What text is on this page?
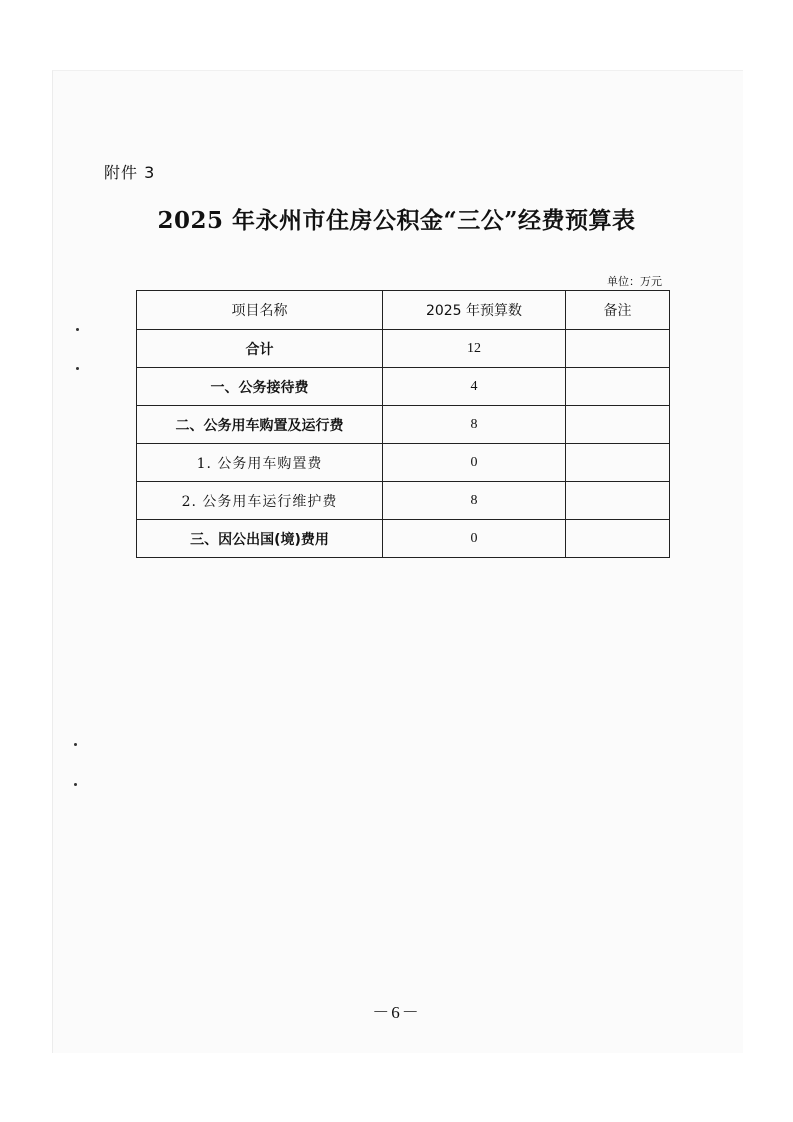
附件 3
2025 年永州市住房公积金“三公”经费预算表
单位：万元
项目名称	2025 年预算数	备注
合计	12	
一、公务接待费	4	
二、公务用车购置及运行费	8	
1. 公务用车购置费	0	
2. 公务用车运行维护费	8	
三、因公出国(境)费用	0	
－6－
